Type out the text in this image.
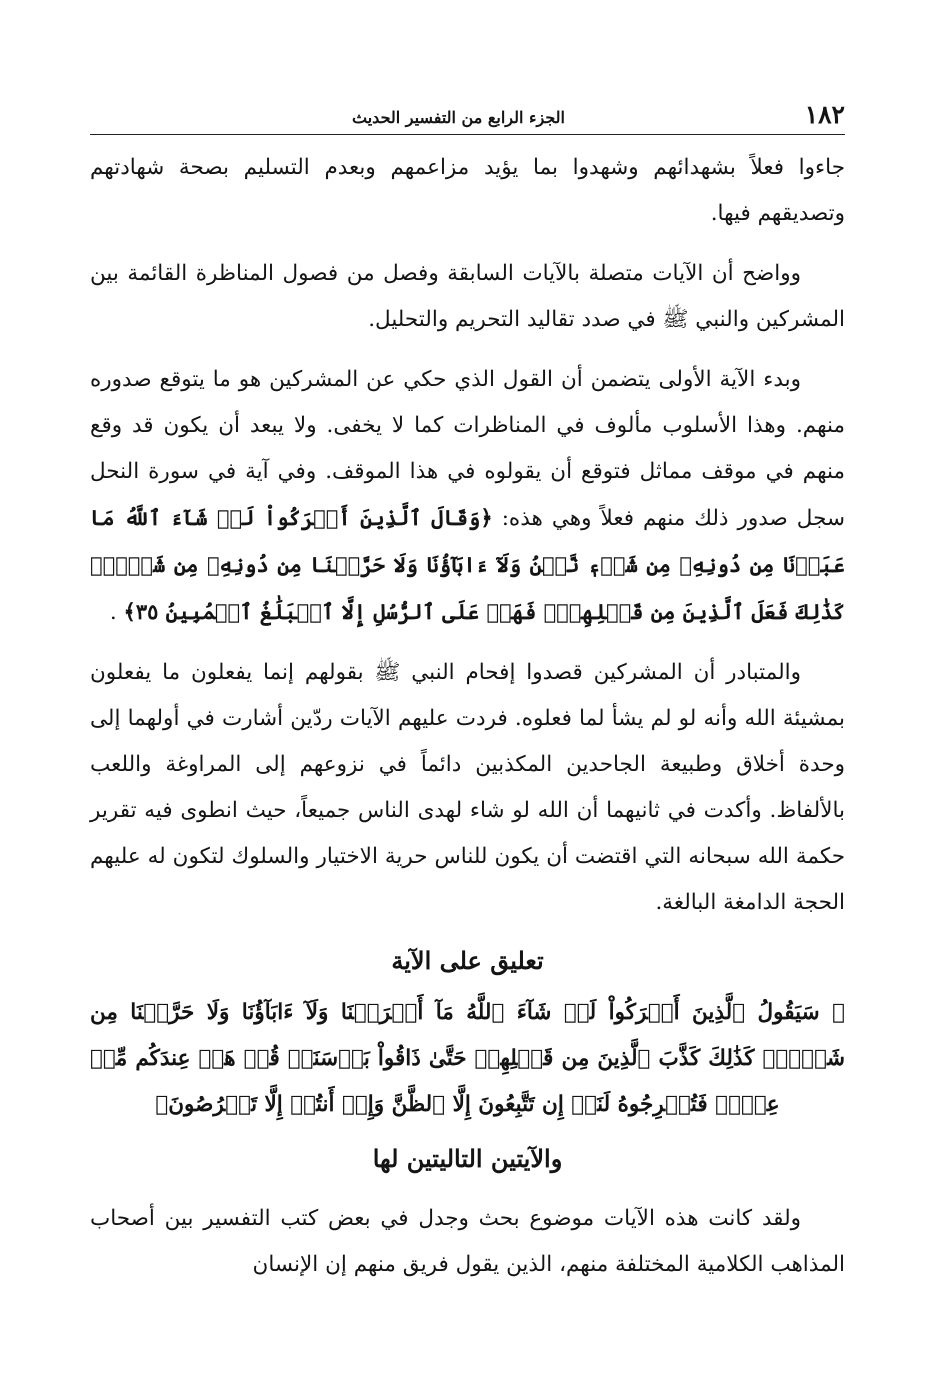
١٨٢
الجزء الرابع من التفسير الحديث

جاءوا فعلاً بشهدائهم وشهدوا بما يؤيد مزاعمهم وبعدم التسليم بصحة شهادتهم وتصديقهم فيها.

وواضح أن الآيات متصلة بالآيات السابقة وفصل من فصول المناظرة القائمة بين المشركين والنبي ﷺ في صدد تقاليد التحريم والتحليل.

وبدء الآية الأولى يتضمن أن القول الذي حكي عن المشركين هو ما يتوقع صدوره منهم. وهذا الأسلوب مألوف في المناظرات كما لا يخفى. ولا يبعد أن يكون قد وقع منهم في موقف مماثل فتوقع أن يقولوه في هذا الموقف. وفي آية في سورة النحل سجل صدور ذلك منهم فعلاً وهي هذه: ﴿وَقَالَ ٱلَّذِينَ أَشۡرَكُواْ لَوۡ شَآءَ ٱللَّهُ مَا عَبَدۡنَا مِن دُونِهِۦ مِن شَيۡءٖ نَّحۡنُ وَلَآ ءَابَآؤُنَا وَلَا حَرَّمۡنَا مِن دُونِهِۦ مِن شَيۡءٖۚ كَذَٰلِكَ فَعَلَ ٱلَّذِينَ مِن قَبۡلِهِمۡۚ فَهَلۡ عَلَى ٱلرُّسُلِ إِلَّا ٱلۡبَلَٰغُ ٱلۡمُبِينُ ٣٥﴾ .

والمتبادر أن المشركين قصدوا إفحام النبي ﷺ بقولهم إنما يفعلون ما يفعلون بمشيئة الله وأنه لو لم يشأ لما فعلوه. فردت عليهم الآيات ردّين أشارت في أولهما إلى وحدة أخلاق وطبيعة الجاحدين المكذبين دائماً في نزوعهم إلى المراوغة واللعب بالألفاظ. وأكدت في ثانيهما أن الله لو شاء لهدى الناس جميعاً، حيث انطوى فيه تقرير حكمة الله سبحانه التي اقتضت أن يكون للناس حرية الاختيار والسلوك لتكون له عليهم الحجة الدامغة البالغة.

تعليق على الآية

﴿ سَيَقُولُ ٱلَّذِينَ أَشۡرَكُواْ لَوۡ شَآءَ ٱللَّهُ مَآ أَشۡرَكۡنَا وَلَآ ءَابَآؤُنَا وَلَا حَرَّمۡنَا مِن شَيۡءٖۚ كَذَٰلِكَ كَذَّبَ ٱلَّذِينَ مِن قَبۡلِهِمۡ حَتَّىٰ ذَاقُواْ بَأۡسَنَاۗ قُلۡ هَلۡ عِندَكُم مِّنۡ عِلۡمٖ فَتُخۡرِجُوهُ لَنَآۖ إِن تَتَّبِعُونَ إِلَّا ٱلظَّنَّ وَإِنۡ أَنتُمۡ إِلَّا تَخۡرُصُونَ﴾

والآيتين التاليتين لها

ولقد كانت هذه الآيات موضوع بحث وجدل في بعض كتب التفسير بين أصحاب المذاهب الكلامية المختلفة منهم، الذين يقول فريق منهم إن الإنسان
